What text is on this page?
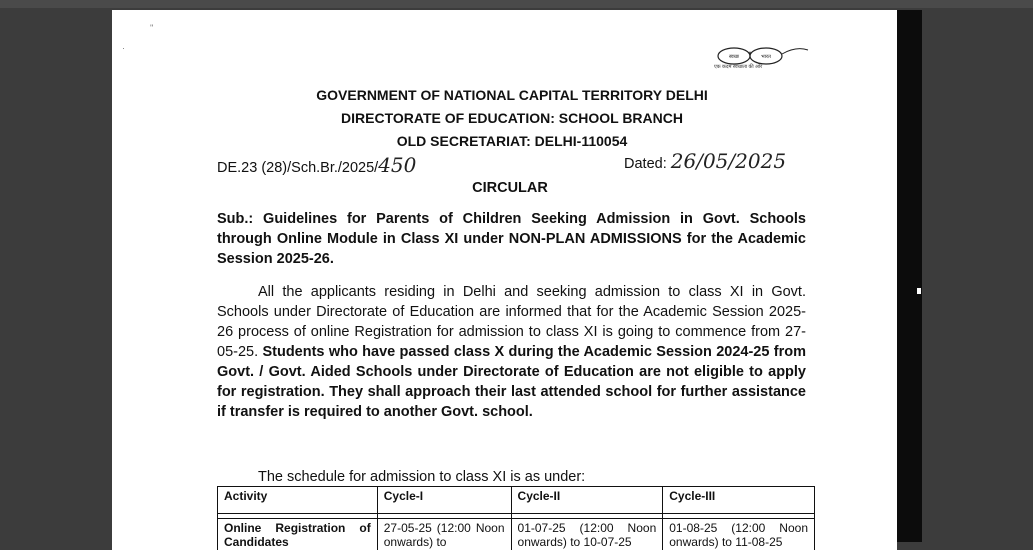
''
·
स्वच्छ	भारत
एक कदम स्वच्छता की ओर
GOVERNMENT OF NATIONAL CAPITAL TERRITORY DELHI
DIRECTORATE OF EDUCATION: SCHOOL BRANCH
OLD SECRETARIAT: DELHI-110054
DE.23 (28)/Sch.Br./2025/450	Dated: 26/05/2025
CIRCULAR
Sub.: Guidelines for Parents of Children Seeking Admission in Govt. Schools through Online Module in Class XI under NON-PLAN ADMISSIONS for the Academic Session 2025-26.
All the applicants residing in Delhi and seeking admission to class XI in Govt. Schools under Directorate of Education are informed that for the Academic Session 2025-26 process of online Registration for admission to class XI is going to commence from 27-05-25. Students who have passed class X during the Academic Session 2024-25 from Govt. / Govt. Aided Schools under Directorate of Education are not eligible to apply for registration. They shall approach their last attended school for further assistance if transfer is required to another Govt. school.
The schedule for admission to class XI is as under:
Activity	Cycle-I	Cycle-II	Cycle-III

Online Registration of Candidates	27-05-25 (12:00 Noon onwards) to	01-07-25 (12:00 Noon onwards) to 10-07-25	01-08-25 (12:00 Noon onwards) to 11-08-25
